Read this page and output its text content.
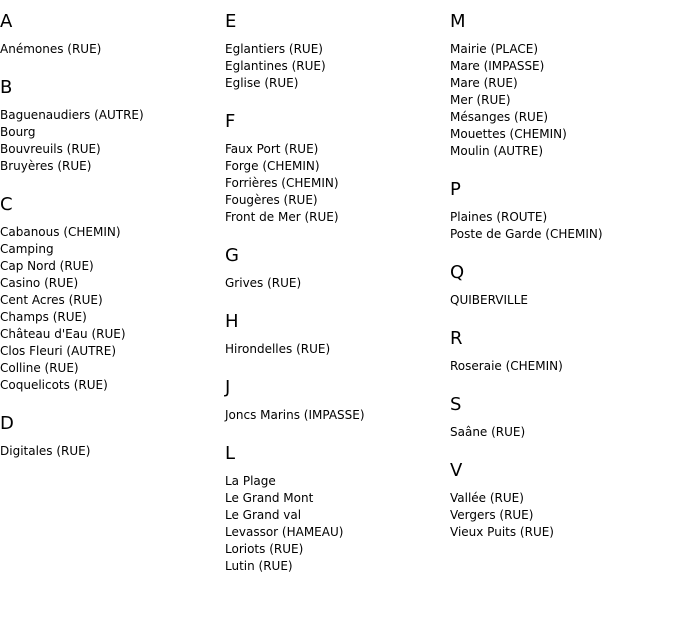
A
Anémones (RUE)
B
Baguenaudiers (AUTRE)
Bourg
Bouvreuils (RUE)
Bruyères (RUE)
C
Cabanous (CHEMIN)
Camping
Cap Nord (RUE)
Casino (RUE)
Cent Acres (RUE)
Champs (RUE)
Château d'Eau (RUE)
Clos Fleuri (AUTRE)
Colline (RUE)
Coquelicots (RUE)
D
Digitales (RUE)
E
Eglantiers (RUE)
Eglantines (RUE)
Eglise (RUE)
F
Faux Port (RUE)
Forge (CHEMIN)
Forrières (CHEMIN)
Fougères (RUE)
Front de Mer (RUE)
G
Grives (RUE)
H
Hirondelles (RUE)
J
Joncs Marins (IMPASSE)
L
La Plage
Le Grand Mont
Le Grand val
Levassor (HAMEAU)
Loriots (RUE)
Lutin (RUE)
M
Mairie (PLACE)
Mare (IMPASSE)
Mare (RUE)
Mer (RUE)
Mésanges (RUE)
Mouettes (CHEMIN)
Moulin (AUTRE)
P
Plaines (ROUTE)
Poste de Garde (CHEMIN)
Q
QUIBERVILLE
R
Roseraie (CHEMIN)
S
Saâne (RUE)
V
Vallée (RUE)
Vergers (RUE)
Vieux Puits (RUE)
